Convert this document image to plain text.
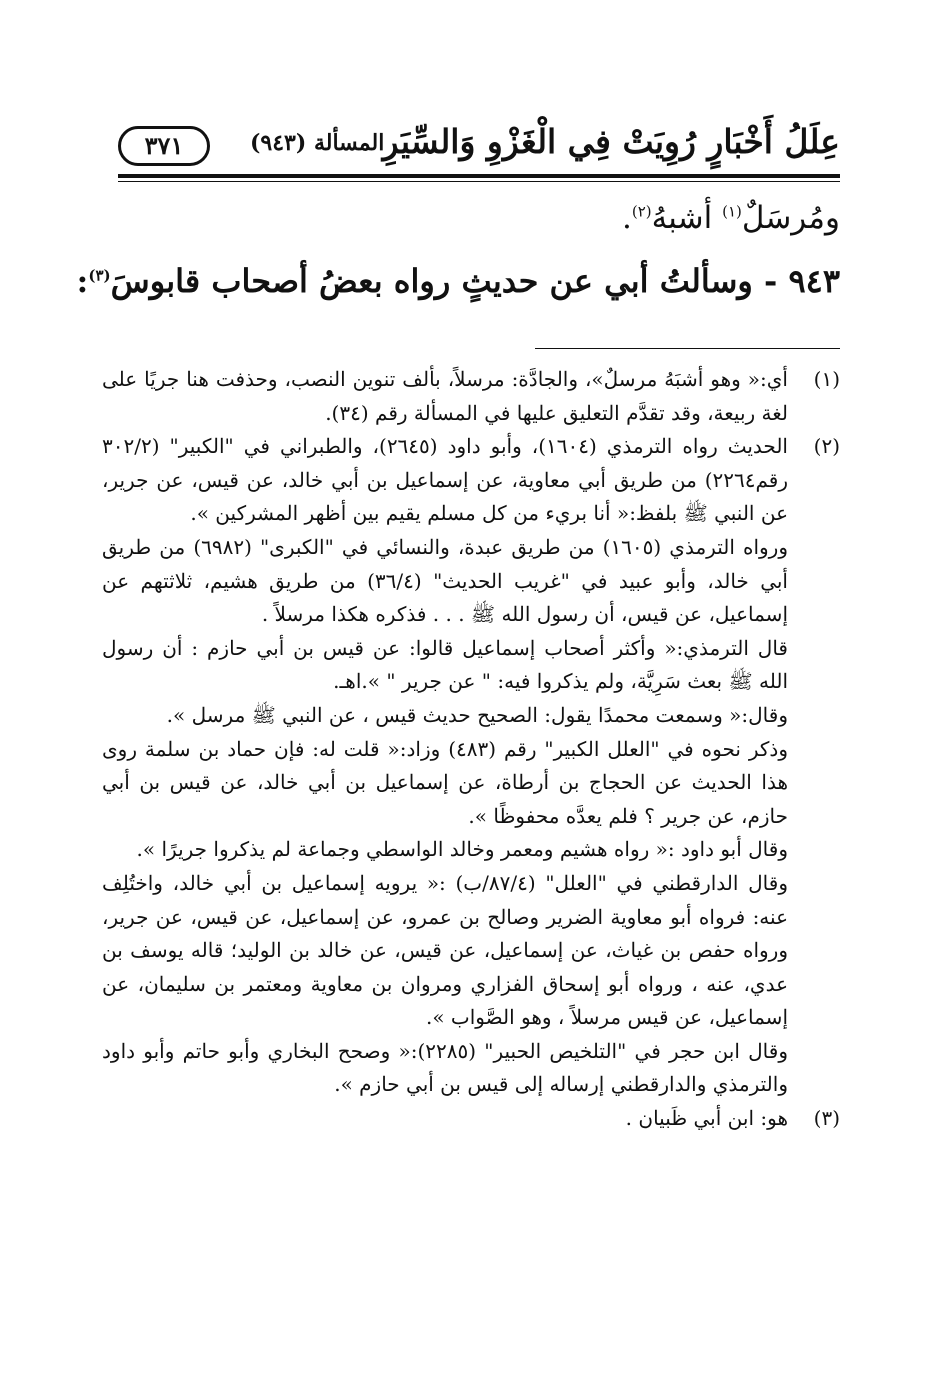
عِلَلُ أَخْبَارٍ رُوِيَتْ فِي الْغَزْوِ وَالسِّيَرِ
المسألة (٩٤٣)
٣٧١
ومُرسَلٌ$^{(١)}$ أشبهُ$^{(٢)}$.
٩٤٣ - وسألتُ أبي عن حديثٍ رواه بعضُ أصحاب قابوسَ$^{(٣)}$:
(١)

أي:« وهو أشبَهُ مرسلٌ»، والجادَّة: مرسلاً، بألف تنوين النصب، وحذفت هنا جريًا على لغة ربيعة، وقد تقدَّم التعليق عليها في المسألة رقم (٣٤).

(٢)

الحديث رواه الترمذي (١٦٠٤)، وأبو داود (٢٦٤٥)، والطبراني في "الكبير" (٣٠٢/٢ رقم٢٢٦٤) من طريق أبي معاوية، عن إسماعيل بن أبي خالد، عن قيس، عن جرير، عن النبي ﷺ بلفظ:« أنا بريء من كل مسلم يقيم بين أظهر المشركين ».

ورواه الترمذي (١٦٠٥) من طريق عبدة، والنسائي في "الكبرى" (٦٩٨٢) من طريق أبي خالد، وأبو عبيد في "غريب الحديث" (٣٦/٤) من طريق هشيم، ثلاثتهم عن إسماعيل، عن قيس، أن رسول الله ﷺ . . . فذكره هكذا مرسلاً .

قال الترمذي:« وأكثر أصحاب إسماعيل قالوا: عن قيس بن أبي حازم : أن رسول الله ﷺ بعث سَرِيَّة، ولم يذكروا فيه: " عن جرير " ».اهـ.

وقال:« وسمعت محمدًا يقول: الصحيح حديث قيس ، عن النبي ﷺ مرسل ».

وذكر نحوه في "العلل الكبير" رقم (٤٨٣) وزاد:« قلت له: فإن حماد بن سلمة روى هذا الحديث عن الحجاج بن أرطاة، عن إسماعيل بن أبي خالد، عن قيس بن أبي حازم، عن جرير ؟ فلم يعدَّه محفوظًا ».

وقال أبو داود :« رواه هشيم ومعمر وخالد الواسطي وجماعة لم يذكروا جريرًا ».

وقال الدارقطني في "العلل" (٨٧/٤/ب) :« يرويه إسماعيل بن أبي خالد، واختُلِف عنه: فرواه أبو معاوية الضرير وصالح بن عمرو، عن إسماعيل، عن قيس، عن جرير، ورواه حفص بن غياث، عن إسماعيل، عن قيس، عن خالد بن الوليد؛ قاله يوسف بن عدي، عنه ، ورواه أبو إسحاق الفزاري ومروان بن معاوية ومعتمر بن سليمان، عن إسماعيل، عن قيس مرسلاً ، وهو الصَّواب ».

وقال ابن حجر في "التلخيص الحبير" (٢٢٨٥):« وصحح البخاري وأبو حاتم وأبو داود والترمذي والدارقطني إرساله إلى قيس بن أبي حازم ».

(٣)

هو: ابن أبي ظَبيان .
